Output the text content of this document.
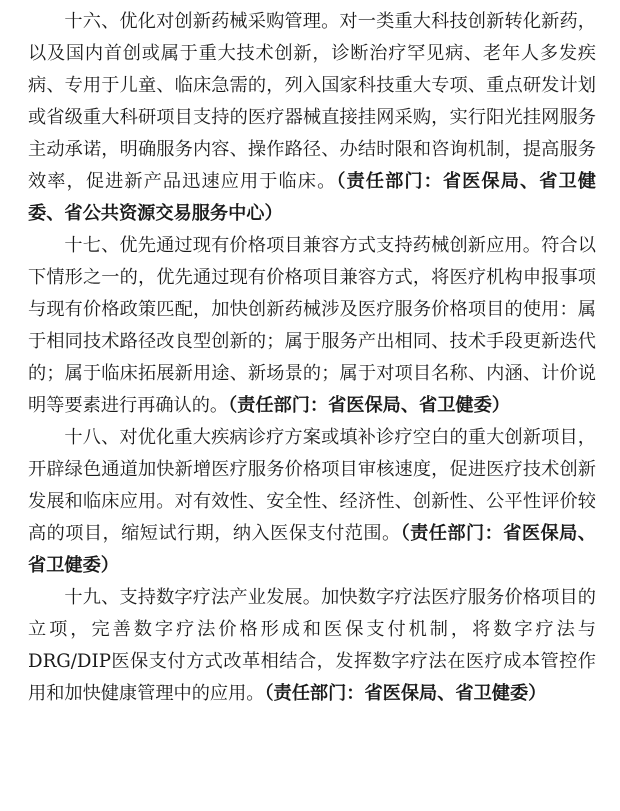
十六、优化对创新药械采购管理。对一类重大科技创新转化新药，以及国内首创或属于重大技术创新，诊断治疗罕见病、老年人多发疾病、专用于儿童、临床急需的，列入国家科技重大专项、重点研发计划或省级重大科研项目支持的医疗器械直接挂网采购，实行阳光挂网服务主动承诺，明确服务内容、操作路径、办结时限和咨询机制，提高服务效率，促进新产品迅速应用于临床。（责任部门：省医保局、省卫健委、省公共资源交易服务中心）

十七、优先通过现有价格项目兼容方式支持药械创新应用。符合以下情形之一的，优先通过现有价格项目兼容方式，将医疗机构申报事项与现有价格政策匹配，加快创新药械涉及医疗服务价格项目的使用：属于相同技术路径改良型创新的；属于服务产出相同、技术手段更新迭代的；属于临床拓展新用途、新场景的；属于对项目名称、内涵、计价说明等要素进行再确认的。（责任部门：省医保局、省卫健委）

十八、对优化重大疾病诊疗方案或填补诊疗空白的重大创新项目，开辟绿色通道加快新增医疗服务价格项目审核速度，促进医疗技术创新发展和临床应用。对有效性、安全性、经济性、创新性、公平性评价较高的项目，缩短试行期，纳入医保支付范围。（责任部门：省医保局、省卫健委）

十九、支持数字疗法产业发展。加快数字疗法医疗服务价格项目的立项，完善数字疗法价格形成和医保支付机制，将数字疗法与DRG/DIP医保支付方式改革相结合，发挥数字疗法在医疗成本管控作用和加快健康管理中的应用。（责任部门：省医保局、省卫健委）
